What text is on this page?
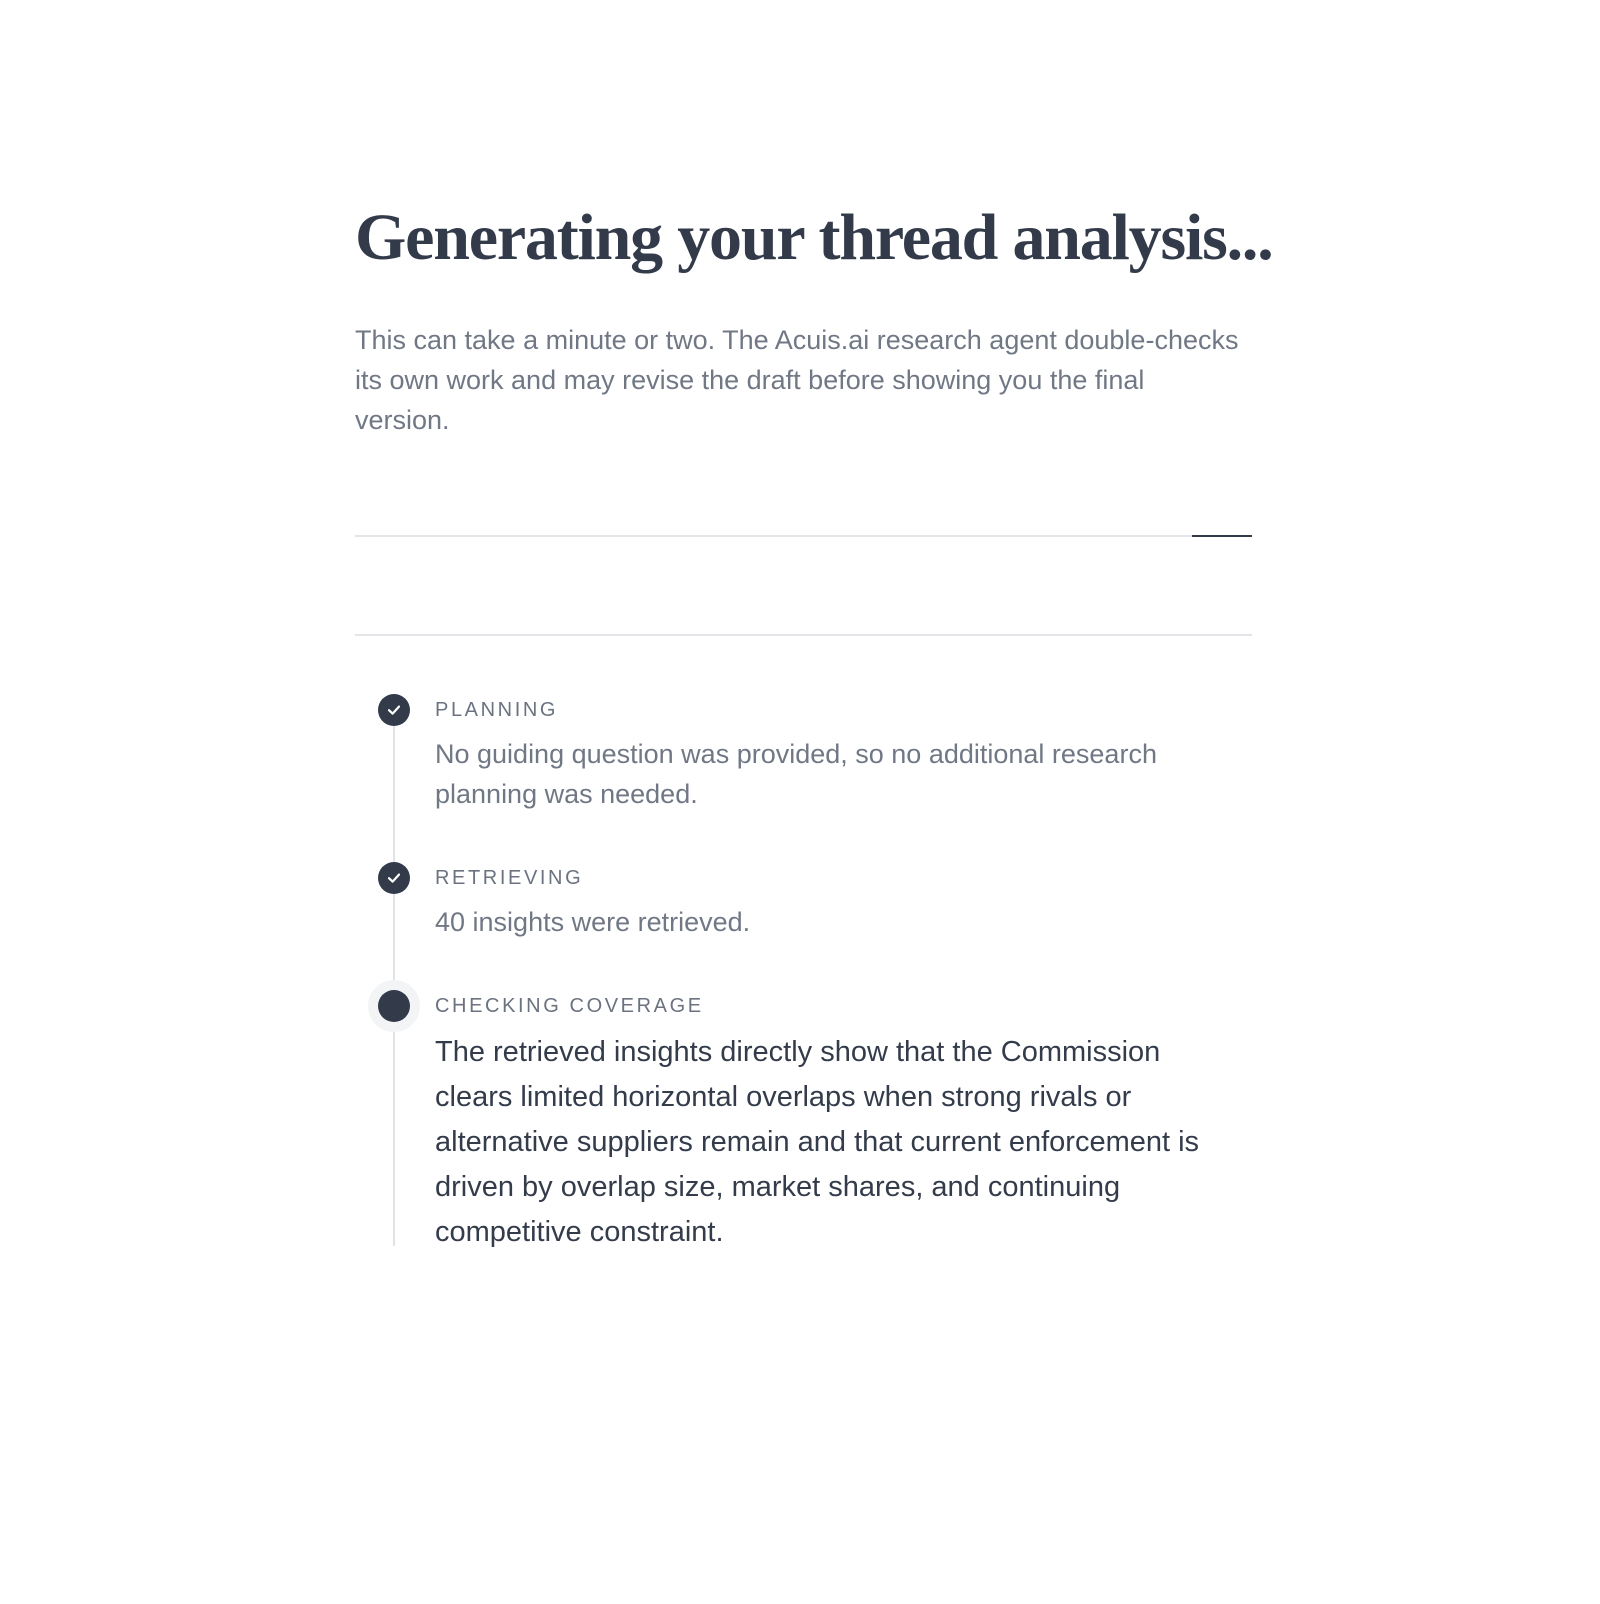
Generating your thread analysis...

This can take a minute or two. The Acuis.ai research agent double-checks its own work and may revise the draft before showing you the final version.

PLANNING
No guiding question was provided, so no additional research planning was needed.
RETRIEVING
40 insights were retrieved.
CHECKING COVERAGE
The retrieved insights directly show that the Commission clears limited horizontal overlaps when strong rivals or alternative suppliers remain and that current enforcement is driven by overlap size, market shares, and continuing competitive constraint.
